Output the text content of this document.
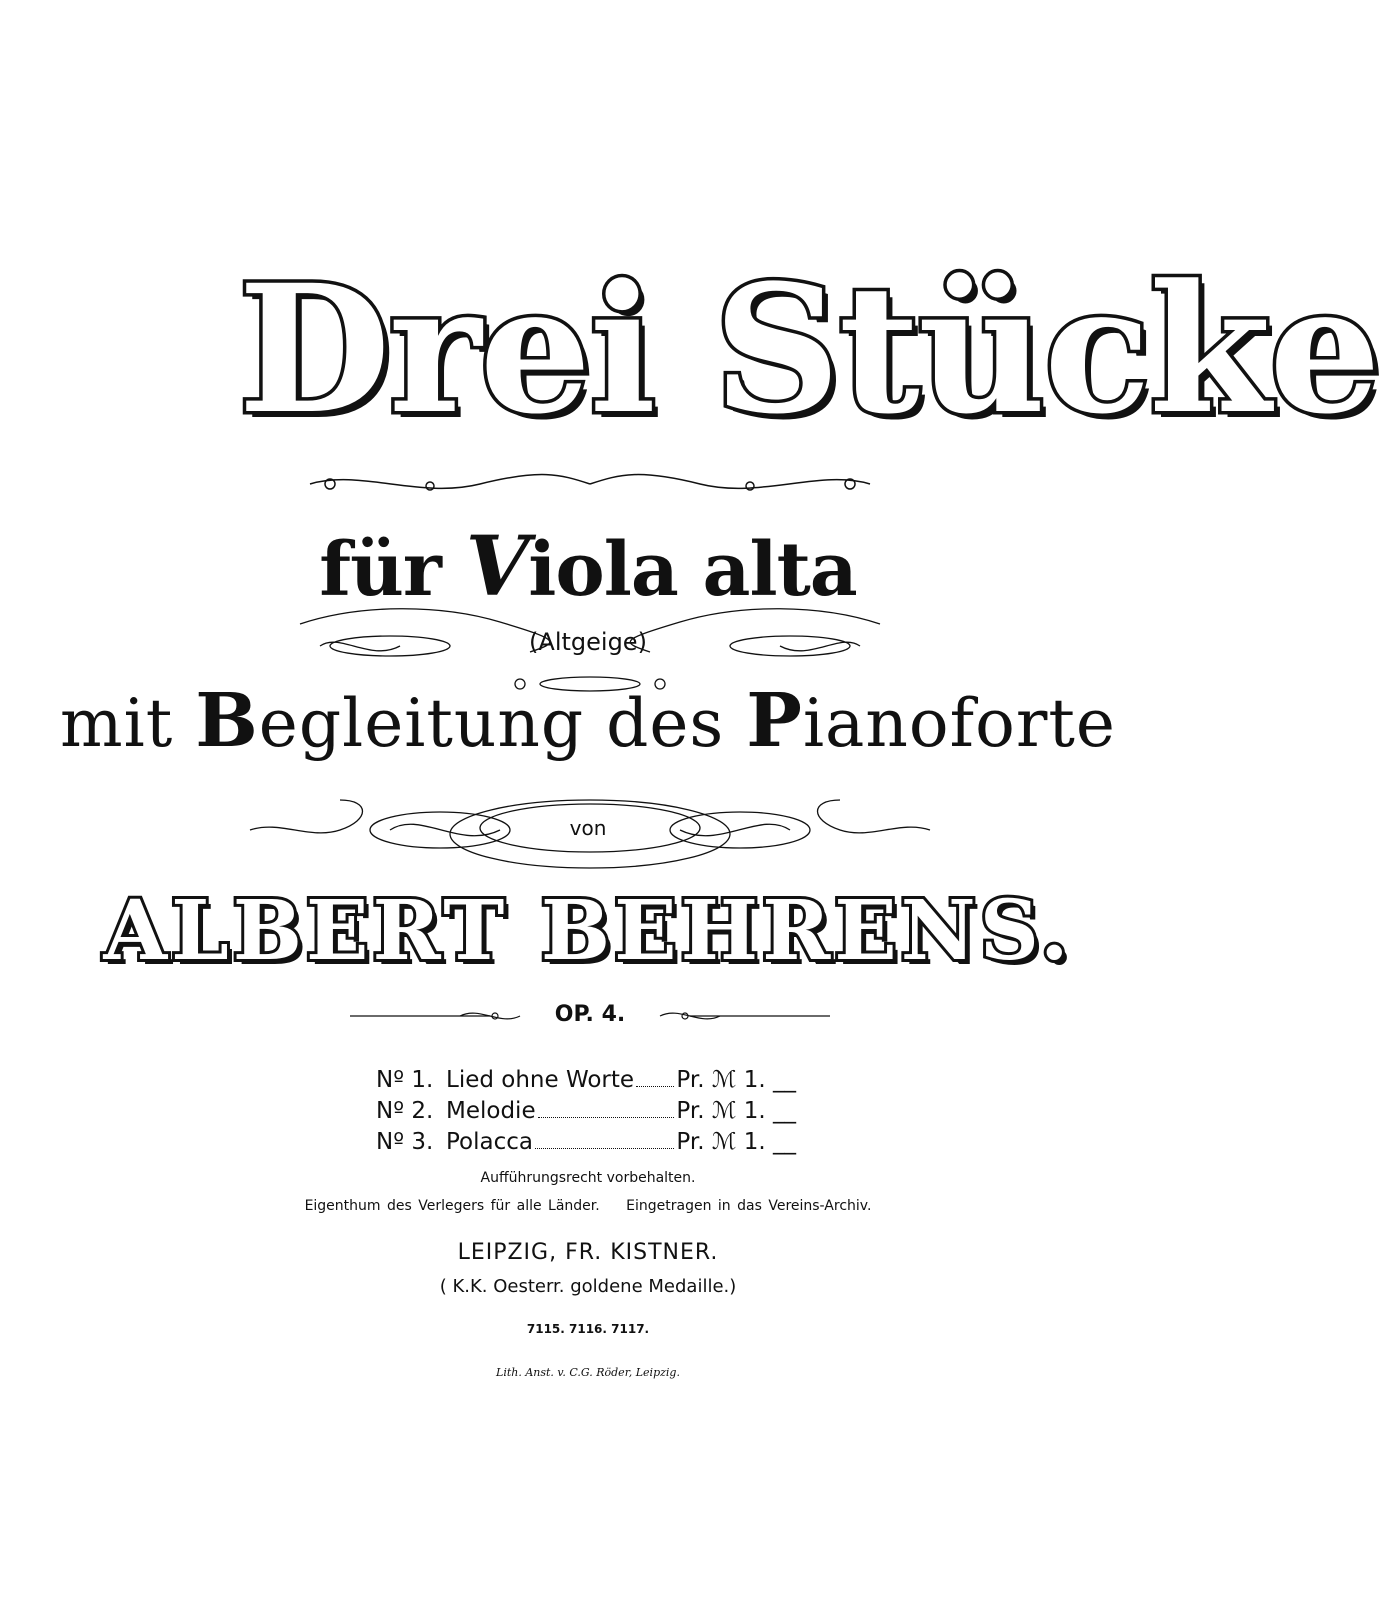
Drei Stücke
für Viola alta
(Altgeige)
mit Begleitung des Pianoforte
von
ALBERT BEHRENS.
OP. 4.
Nº 1. Lied ohne Worte Pr. ℳ 1. __
Nº 2. Melodie	Pr. ℳ 1. __
Nº 3. Polacca	Pr. ℳ 1. __
Aufführungsrecht vorbehalten.
Eigenthum des Verlegers für alle Länder. Eingetragen in das Vereins-Archiv.
LEIPZIG, FR. KISTNER.
( K.K. Oesterr. goldene Medaille.)
7115. 7116. 7117.
Lith. Anst. v. C.G. Röder, Leipzig.
